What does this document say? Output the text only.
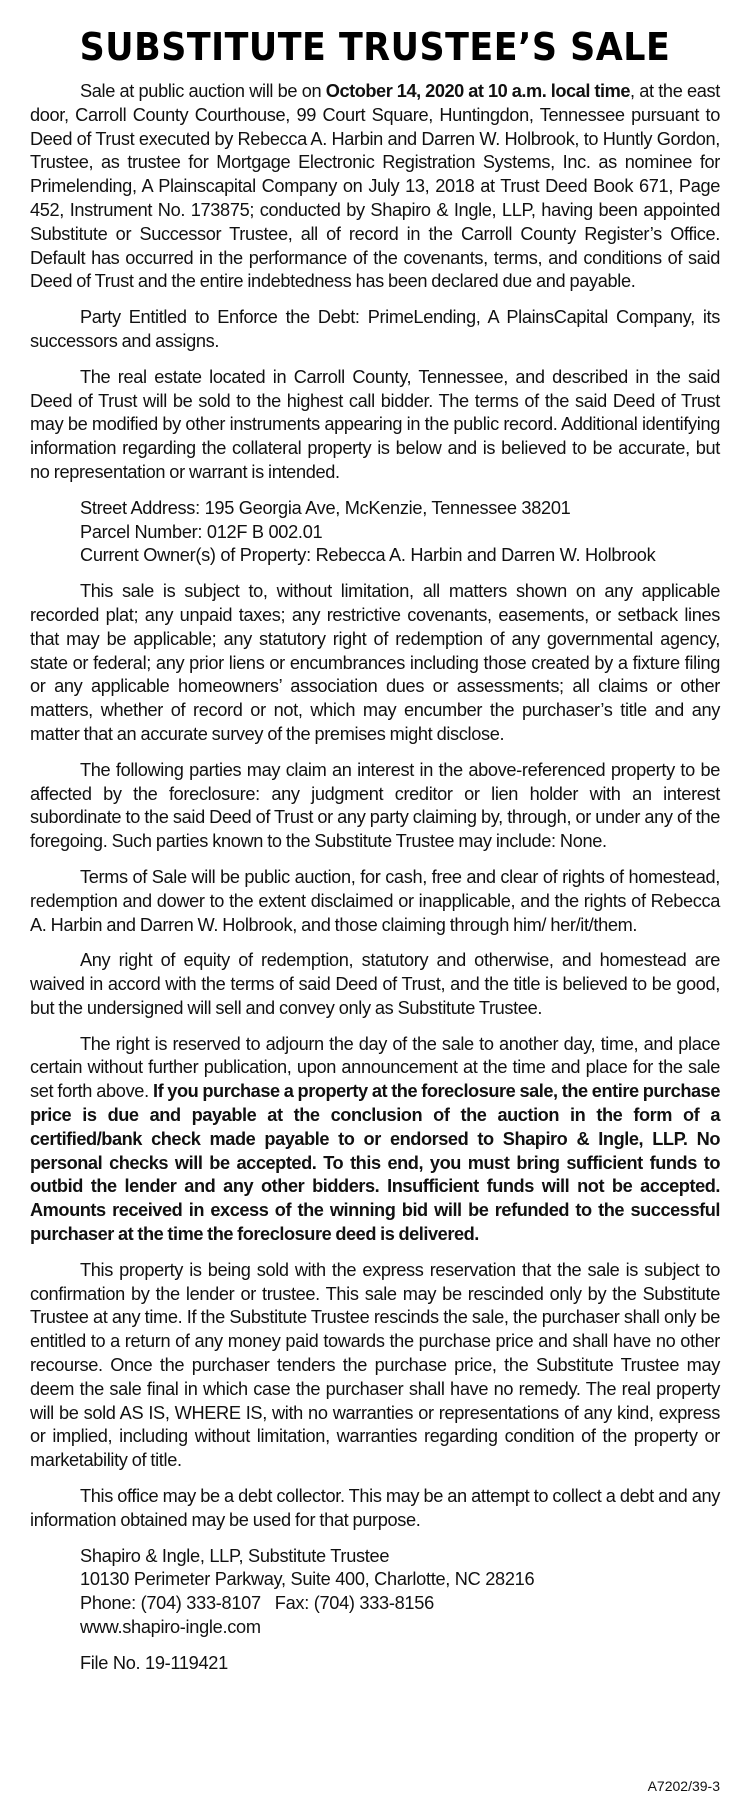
SUBSTITUTE TRUSTEE’S SALE

Sale at public auction will be on October 14, 2020 at 10 a.m. local time, at the east door, Carroll County Courthouse, 99 Court Square, Huntingdon, Tennessee pursuant to Deed of Trust executed by Rebecca A. Harbin and Darren W. Holbrook, to Huntly Gordon, Trustee, as trustee for Mortgage Electronic Registration Systems, Inc. as nominee for Primelending, A Plainscapital Company on July 13, 2018 at Trust Deed Book 671, Page 452, Instrument No. 173875; conducted by Shapiro & Ingle, LLP, having been appointed Substitute or Successor Trustee, all of record in the Carroll County Register’s Office. Default has occurred in the performance of the covenants, terms, and conditions of said Deed of Trust and the entire indebtedness has been declared due and payable.

Party Entitled to Enforce the Debt: PrimeLending, A PlainsCapital Company, its successors and assigns.

The real estate located in Carroll County, Tennessee, and described in the said Deed of Trust will be sold to the highest call bidder. The terms of the said Deed of Trust may be modified by other instruments appearing in the public record. Additional identifying information regarding the collateral property is below and is believed to be accurate, but no representation or warrant is intended.

Street Address: 195 Georgia Ave, McKenzie, Tennessee 38201
Parcel Number: 012F B 002.01
Current Owner(s) of Property: Rebecca A. Harbin and Darren W. Holbrook

This sale is subject to, without limitation, all matters shown on any applicable recorded plat; any unpaid taxes; any restrictive covenants, easements, or setback lines that may be applicable; any statutory right of redemption of any governmental agency, state or federal; any prior liens or encumbrances including those created by a fixture filing or any applicable homeowners’ association dues or assessments; all claims or other matters, whether of record or not, which may encumber the purchaser’s title and any matter that an accurate survey of the premises might disclose.

The following parties may claim an interest in the above-referenced property to be affected by the foreclosure: any judgment creditor or lien holder with an interest subordinate to the said Deed of Trust or any party claiming by, through, or under any of the foregoing. Such parties known to the Substitute Trustee may include: None.

Terms of Sale will be public auction, for cash, free and clear of rights of homestead, redemption and dower to the extent disclaimed or inapplicable, and the rights of Rebecca A. Harbin and Darren W. Holbrook, and those claiming through him/ her/it/them.

Any right of equity of redemption, statutory and otherwise, and homestead are waived in accord with the terms of said Deed of Trust, and the title is believed to be good, but the undersigned will sell and convey only as Substitute Trustee.

The right is reserved to adjourn the day of the sale to another day, time, and place certain without further publication, upon announcement at the time and place for the sale set forth above. If you purchase a property at the foreclosure sale, the entire purchase price is due and payable at the conclusion of the auction in the form of a certified/bank check made payable to or endorsed to Shapiro & Ingle, LLP. No personal checks will be accepted. To this end, you must bring sufficient funds to outbid the lender and any other bidders. Insufficient funds will not be accepted. Amounts received in excess of the winning bid will be refunded to the successful purchaser at the time the foreclosure deed is delivered.

This property is being sold with the express reservation that the sale is subject to confirmation by the lender or trustee. This sale may be rescinded only by the Substitute Trustee at any time. If the Substitute Trustee rescinds the sale, the purchaser shall only be entitled to a return of any money paid towards the purchase price and shall have no other recourse. Once the purchaser tenders the purchase price, the Substitute Trustee may deem the sale final in which case the purchaser shall have no remedy. The real property will be sold AS IS, WHERE IS, with no warranties or representations of any kind, express or implied, including without limitation, warranties regarding condition of the property or marketability of title.

This office may be a debt collector. This may be an attempt to collect a debt and any information obtained may be used for that purpose.

Shapiro & Ingle, LLP, Substitute Trustee
10130 Perimeter Parkway, Suite 400, Charlotte, NC 28216
Phone: (704) 333-8107 Fax: (704) 333-8156
www.shapiro-ingle.com
File No. 19-119421
A7202/39-3
